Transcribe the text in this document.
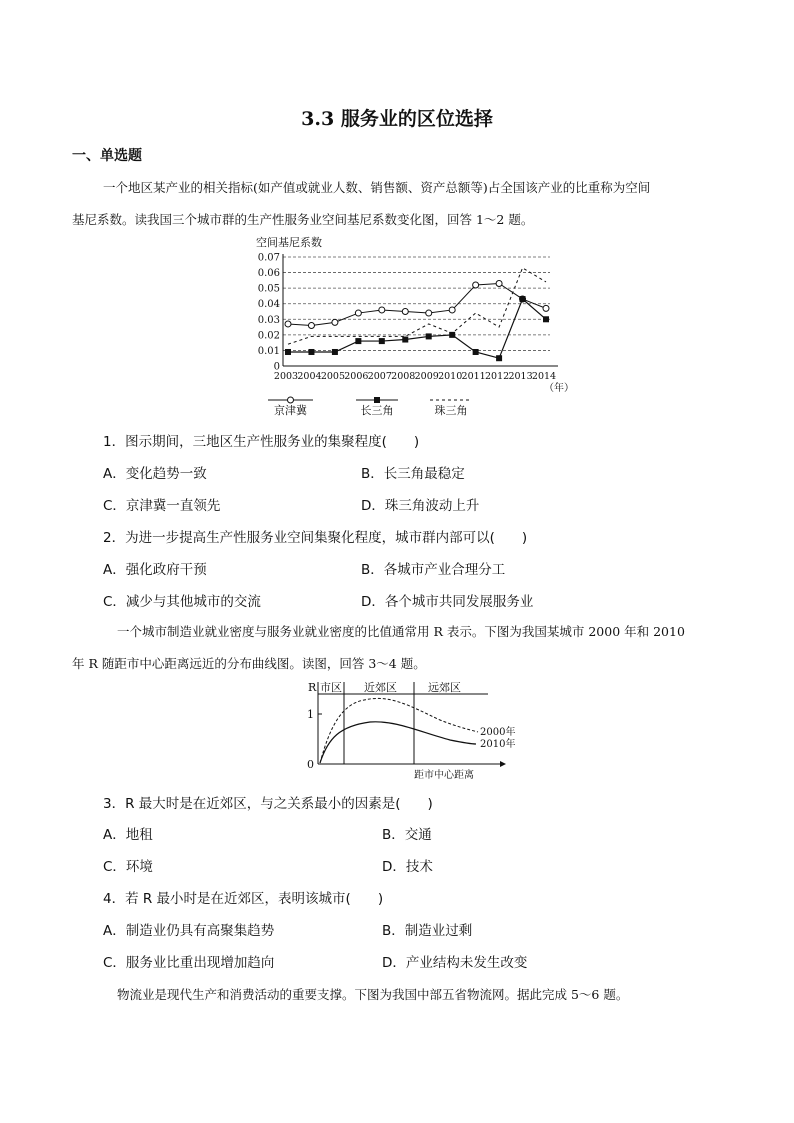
3.3 服务业的区位选择
一、单选题
一个地区某产业的相关指标(如产值或就业人数、销售额、资产总额等)占全国该产业的比重称为空间
基尼系数。读我国三个城市群的生产性服务业空间基尼系数变化图，回答 1～2 题。
空间基尼系数
0
0.01
0.02
0.03
0.04
0.05
0.06
0.07
2003 2004 2005 2006 2007 2008 2009 2010 2011 2012 2013 2014
（年）
京津冀	长三角	珠三角
1．图示期间，三地区生产性服务业的集聚程度(　　)
A．变化趋势一致	B．长三角最稳定
C．京津冀一直领先	D．珠三角波动上升
2．为进一步提高生产性服务业空间集聚化程度，城市群内部可以(　　)
A．强化政府干预	B．各城市产业合理分工
C．减少与其他城市的交流	D．各个城市共同发展服务业
一个城市制造业就业密度与服务业就业密度的比值通常用 R 表示。下图为我国某城市 2000 年和 2010
年 R 随距市中心距离远近的分布曲线图。读图，回答 3～4 题。
R 市区 近郊区	远郊区
1
0
2000年
2010年
距市中心距离
3．R 最大时是在近郊区，与之关系最小的因素是(　　)
A．地租	B．交通
C．环境	D．技术
4．若 R 最小时是在近郊区，表明该城市(　　)
A．制造业仍具有高聚集趋势	B．制造业过剩
C．服务业比重出现增加趋向	D．产业结构未发生改变
物流业是现代生产和消费活动的重要支撑。下图为我国中部五省物流网。据此完成 5～6 题。
